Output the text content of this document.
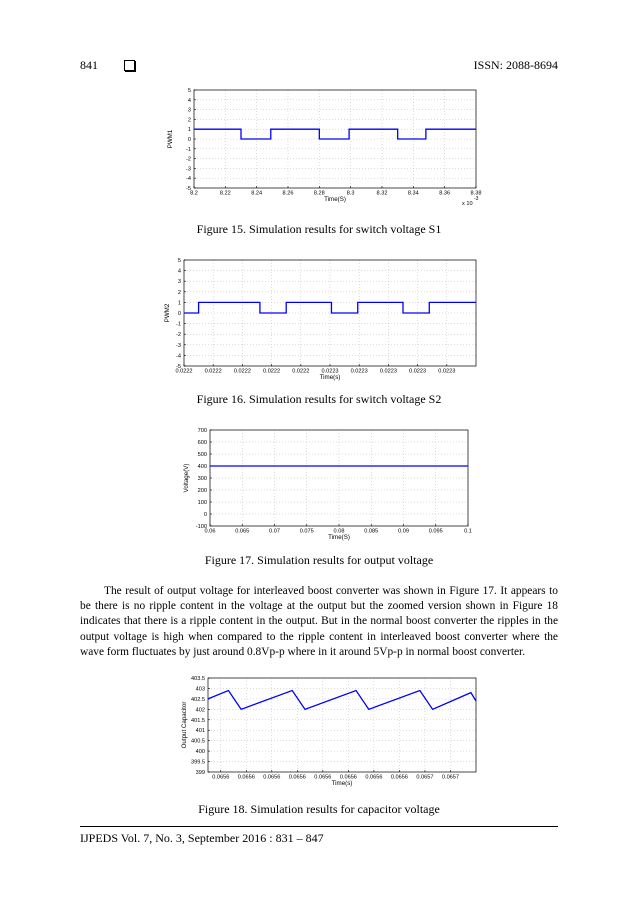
841	ISSN: 2088-8694
8.2	8.22	8.24	8.26	8.28	8.3	8.32	8.34	8.36	8.38
-5
-4
-3
-2
-1
0
1
2
3
4
5
Time(S)
PWM1
x 10
-3
Figure 15. Simulation results for switch voltage S1
0.0222 0.0222 0.0222 0.0222 0.0222 0.0223 0.0223 0.0223 0.0223 0.0223
-5
-4
-3
-2
-1
0
1
2
3
4
5
Time(s)
PWM2
Figure 16. Simulation results for switch voltage S2
0.06	0.065	0.07	0.075	0.08	0.085	0.09	0.095	0.1
-100
0
100
200
300
400
500
600
700
Time(S)
Voltage(V)
Figure 17. Simulation results for output voltage

The result of output voltage for interleaved boost converter was shown in Figure 17. It appears to be there is no ripple content in the voltage at the output but the zoomed version shown in Figure 18 indicates that there is a ripple content in the output. But in the normal boost converter the ripples in the output voltage is high when compared to the ripple content in interleaved boost converter where the wave form fluctuates by just around 0.8Vp-p where in it around 5Vp-p in normal boost converter.

0.0656 0.0656 0.0656 0.0656 0.0656 0.0656 0.0656 0.0656 0.0657 0.0657
399
399.5
400
400.5
401
401.5
402
402.5
403
403.5
Time(s)
Output Capacitor
Figure 18. Simulation results for capacitor voltage
IJPEDS Vol. 7, No. 3, September 2016 : 831 – 847
